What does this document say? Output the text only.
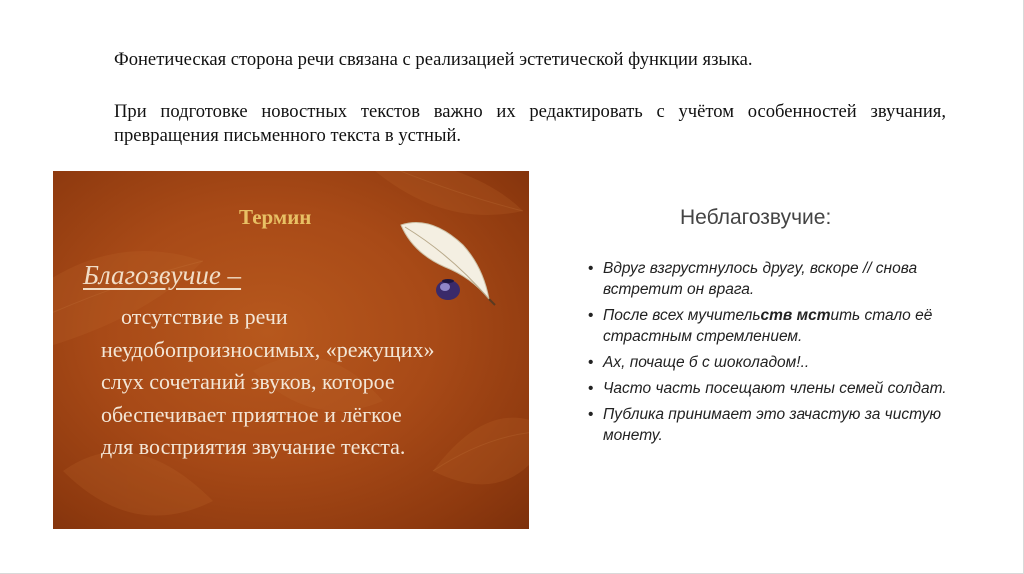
Фонетическая сторона речи связана с реализацией эстетической функции языка.

При подготовке новостных текстов важно их редактировать с учётом особенностей звучания, превращения письменного текста в устный.

Термин
Благозвучие –
отсутствие в речи
неудобопроизносимых, «режущих»
слух сочетаний звуков, которое
обеспечивает приятное и лёгкое
для восприятия звучание текста.
Неблагозвучие:
• Вдруг взгрустнулось другу, вскоре // снова встретит он врага.
• После всех мучительств мстить стало её страстным стремлением.
• Ах, почаще б с шоколадом!..
• Часто часть посещают члены семей солдат.
• Публика принимает это зачастую за чистую монету.
